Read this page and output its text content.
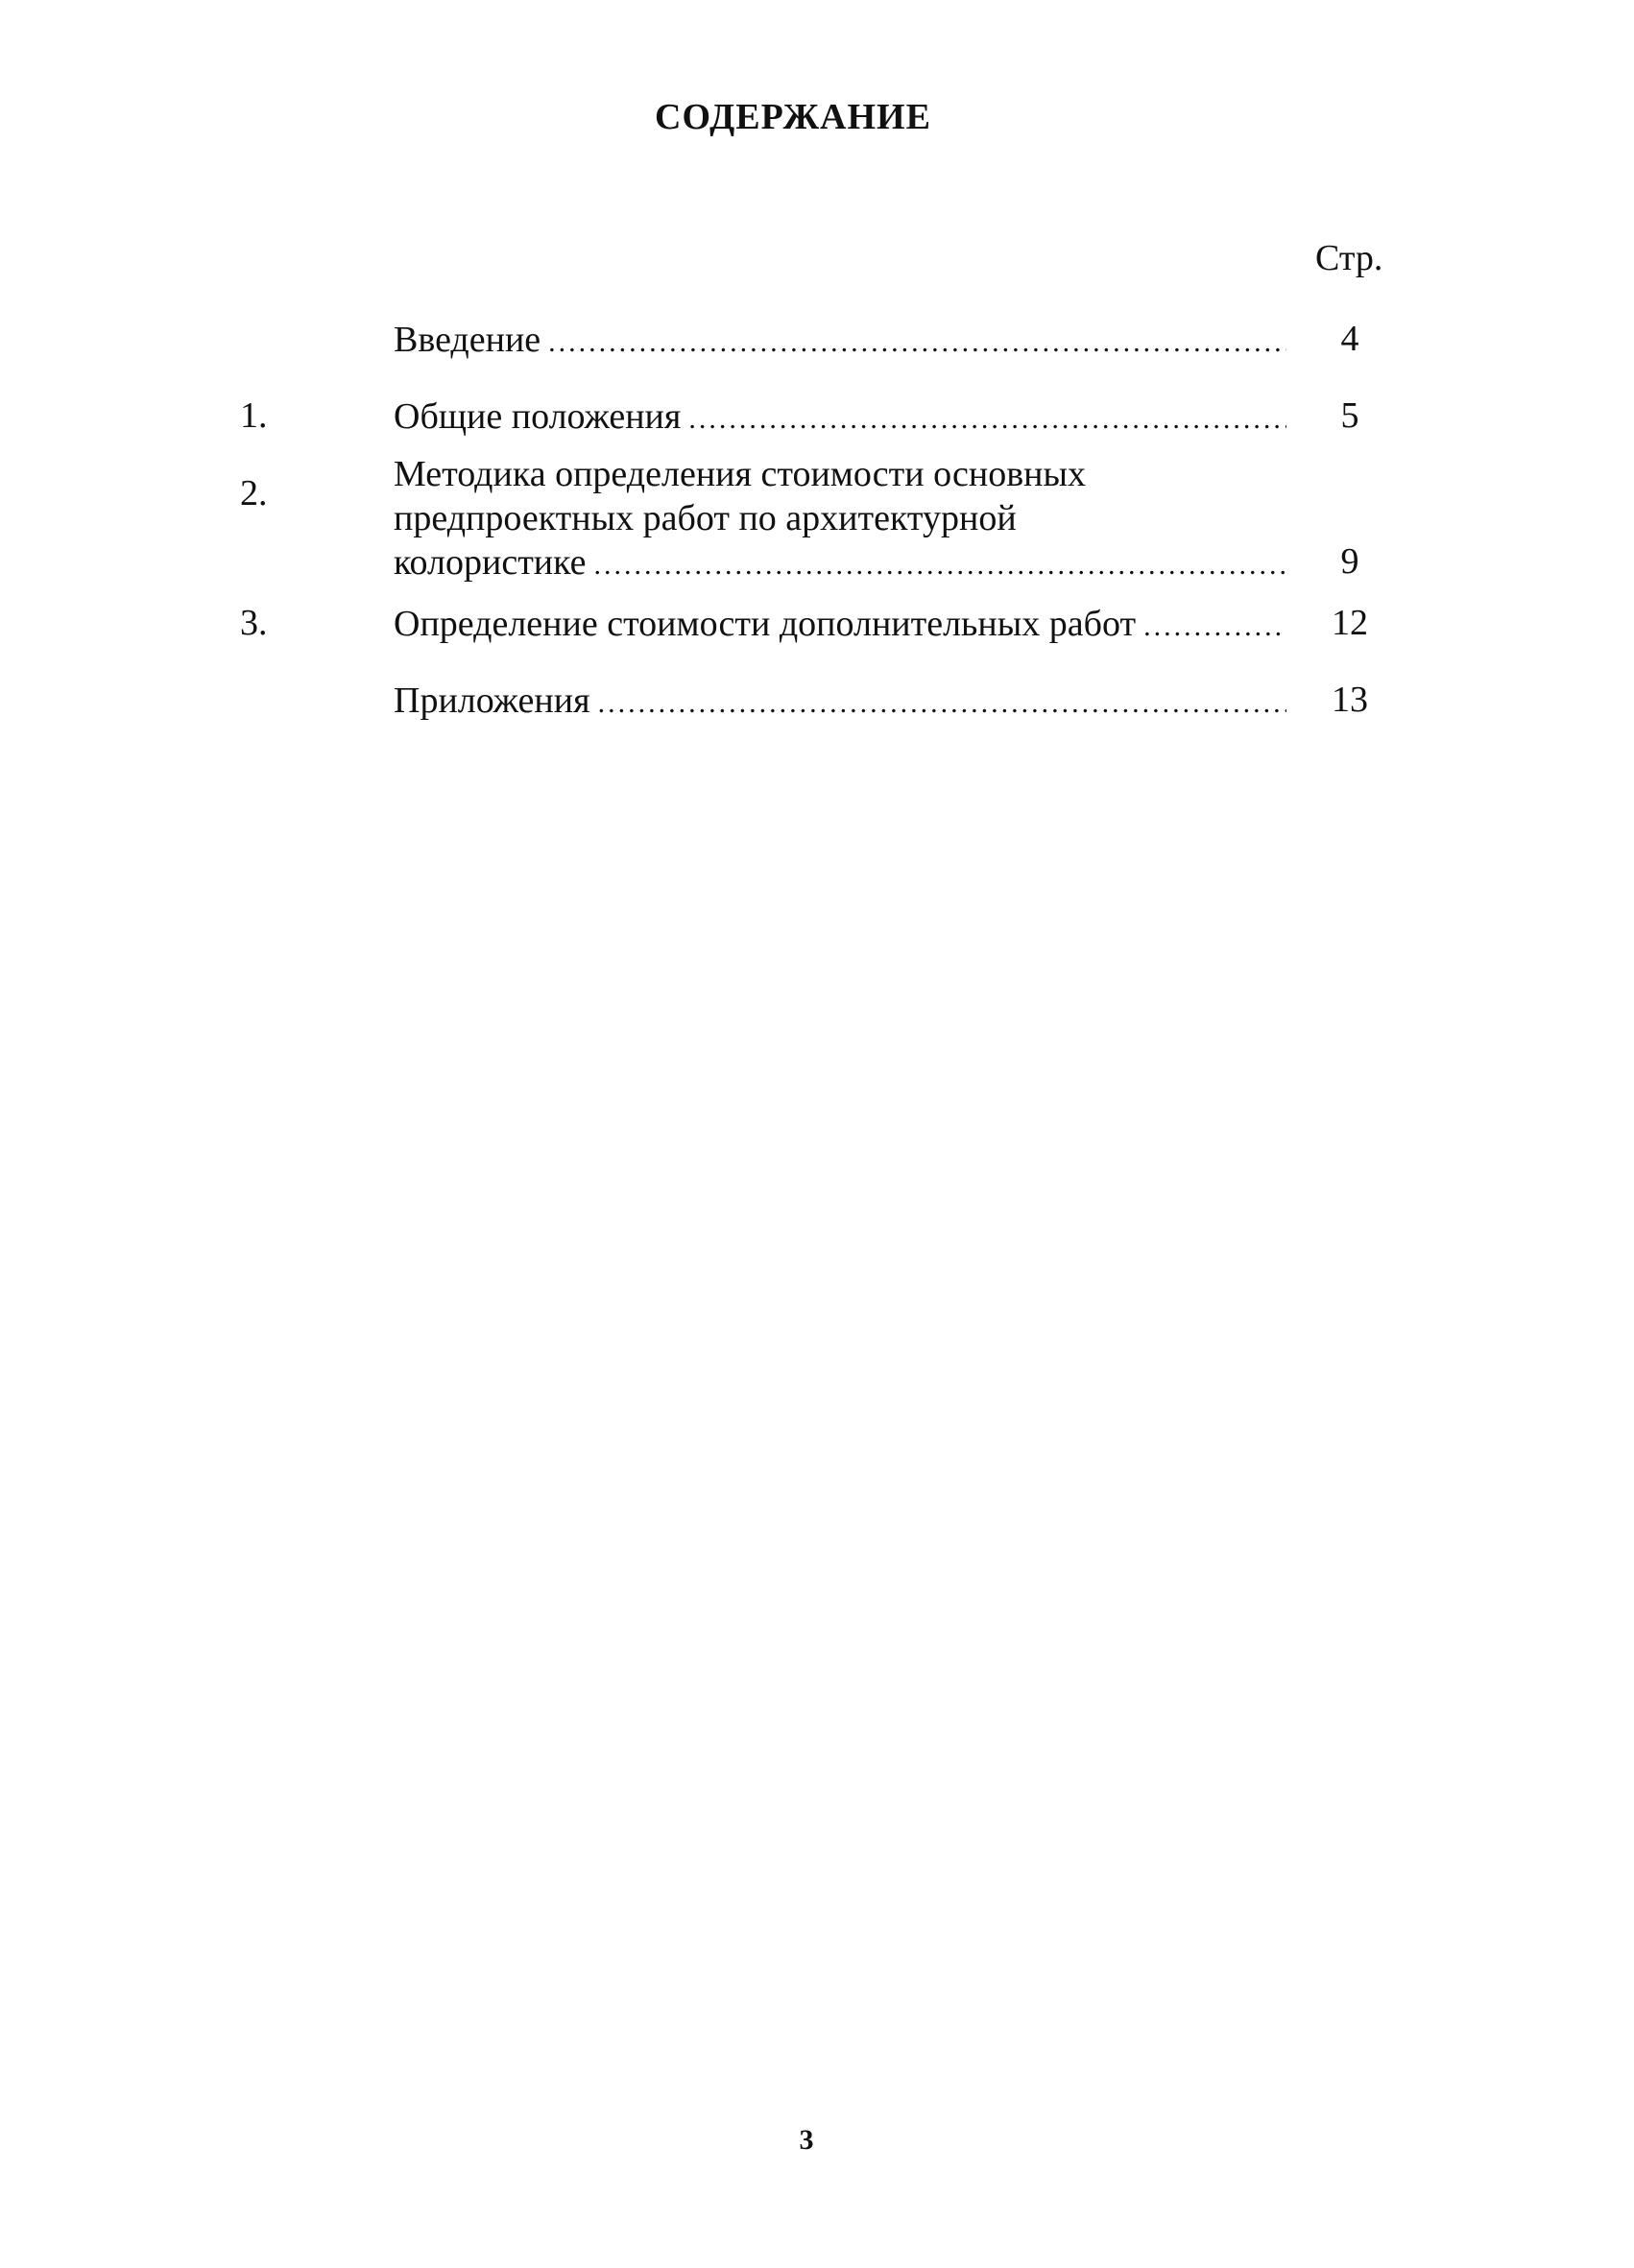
СОДЕРЖАНИЕ
Стр.
Введение .....	4
1.	Общие положения .....	5
2.	Методика определения стоимости основных
предпроектных работ по архитектурной
колористике .....	9
3.	Определение стоимости дополнительных работ .....	12
Приложения .....	13
3
